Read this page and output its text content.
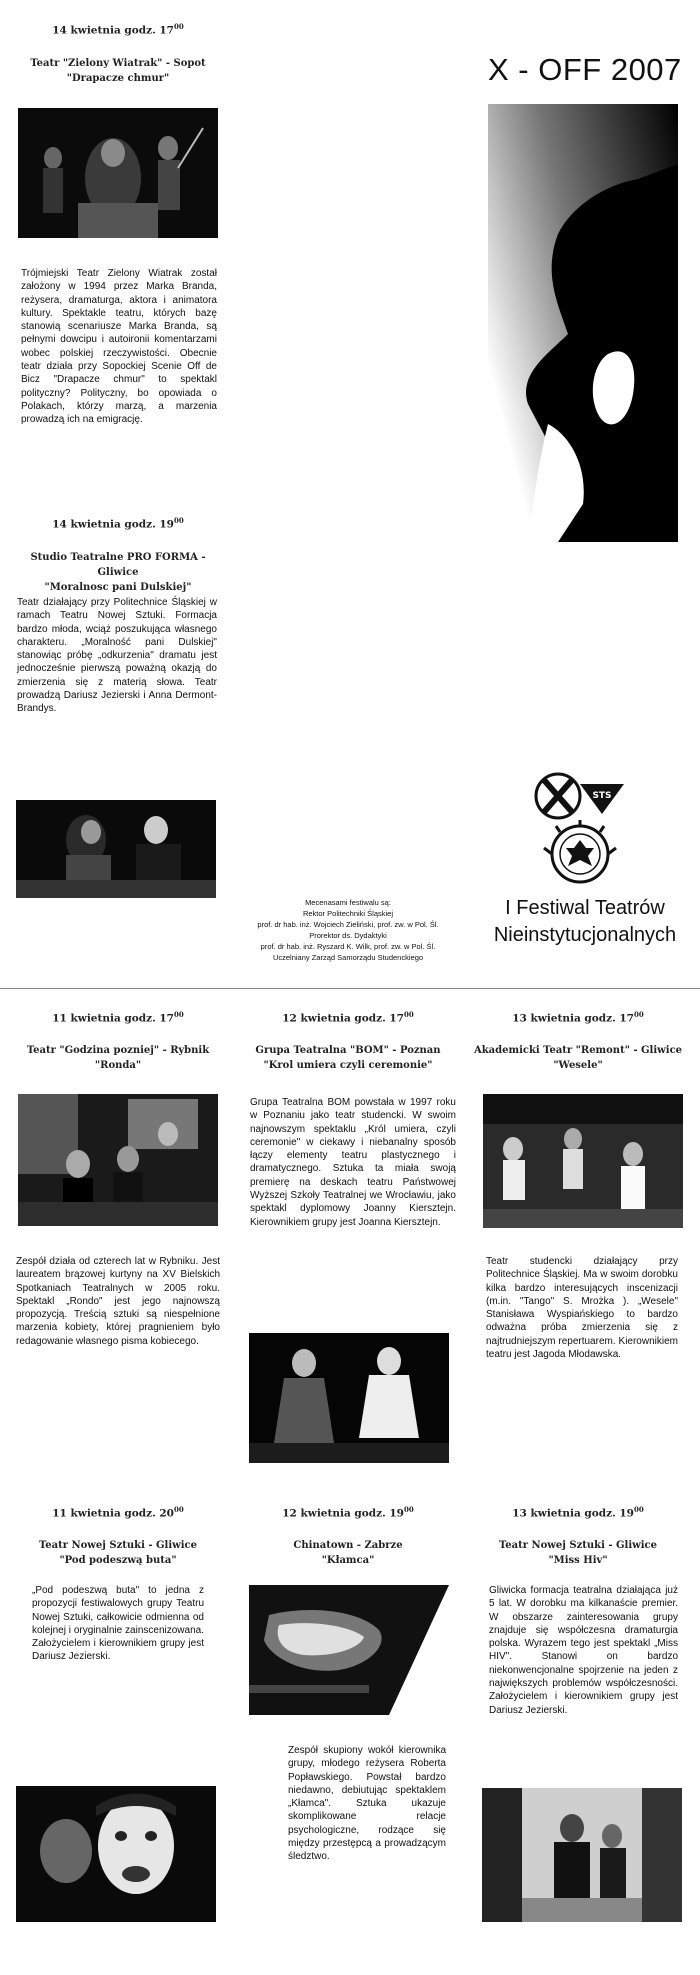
14 kwietnia godz. $17^{00}$
Teatr "Zielony Wiatrak" - Sopot
"Drapacze chmur"
Trójmiejski Teatr Zielony Wiatrak został założony w 1994 przez Marka Branda, reżysera, dramaturga, aktora i animatora kultury. Spektakle teatru, których bazę stanowią scenariusze Marka Branda, są pełnymi dowcipu i autoironii komentarzami wobec polskiej rzeczywistości. Obecnie teatr działa przy Sopockiej Scenie Off de Bicz "Drapacze chmur" to spektakl polityczny? Polityczny, bo opowiada o Polakach, którzy marzą, a marzenia prowadzą ich na emigrację.
14 kwietnia godz. $19^{00}$
Studio Teatralne PRO FORMA - Gliwice
"Moralnosc pani Dulskiej"
Teatr działający przy Politechnice Śląskiej w ramach Teatru Nowej Sztuki. Formacja bardzo młoda, wciąż poszukująca własnego charakteru. „Moralność pani Dulskiej" stanowiąc próbę „odkurzenia" dramatu jest jednocześnie pierwszą poważną okazją do zmierzenia się z materią słowa. Teatr prowadzą Dariusz Jezierski i Anna Dermont-Brandys.
X - OFF 2007
STS
I Festiwal Teatrów
Nieinstytucjonalnych
Mecenasami festiwalu są:
Rektor Politechniki Śląskiej
prof. dr hab. inż. Wojciech Zieliński, prof. zw. w Pol. Śl.
Prorektor ds. Dydaktyki
prof. dr hab. inż. Ryszard K. Wilk, prof. zw. w Pol. Śl.
Uczelniany Zarząd Samorządu Studenckiego
11 kwietnia godz. $17^{00}$
Teatr "Godzina pozniej" - Rybnik
"Ronda"
Zespół działa od czterech lat w Rybniku. Jest laureatem brązowej kurtyny na XV Bielskich Spotkaniach Teatralnych w 2005 roku. Spektakl „Rondo" jest jego najnowszą propozycją. Treścią sztuki są niespełnione marzenia kobiety, której pragnieniem było redagowanie własnego pisma kobiecego.
12 kwietnia godz. $17^{00}$
Grupa Teatralna "BOM" - Poznan
"Krol umiera czyli ceremonie"
Grupa Teatralna BOM powstała w 1997 roku w Poznaniu jako teatr studencki. W swoim najnowszym spektaklu „Król umiera, czyli ceremonie" w ciekawy i niebanalny sposób łączy elementy teatru plastycznego i dramatycznego. Sztuka ta miała swoją premierę na deskach teatru Państwowej Wyższej Szkoły Teatralnej we Wrocławiu, jako spektakl dyplomowy Joanny Kiersztejn. Kierownikiem grupy jest Joanna Kiersztejn.
13 kwietnia godz. $17^{00}$
Akademicki Teatr "Remont" - Gliwice
"Wesele"
Teatr studencki działający przy Politechnice Śląskiej. Ma w swoim dorobku kilka bardzo interesujących inscenizacji (m.in. "Tango" S. Mrożka ). „Wesele" Stanisława Wyspiańskiego to bardzo odważna próba zmierzenia się z najtrudniejszym repertuarem. Kierownikiem teatru jest Jagoda Młodawska.
11 kwietnia godz. $20^{00}$
Teatr Nowej Sztuki - Gliwice
"Pod podeszwą buta"
„Pod podeszwą buta" to jedna z propozycji festiwalowych grupy Teatru Nowej Sztuki, całkowicie odmienna od kolejnej i oryginalnie zainscenizowana. Założycielem i kierownikiem grupy jest Dariusz Jezierski.
12 kwietnia godz. $19^{00}$
Chinatown - Zabrze
"Kłamca"
Zespół skupiony wokół kierownika grupy, młodego reżysera Roberta Popławskiego. Powstał bardzo niedawno, debiutując spektaklem „Kłamca". Sztuka ukazuje skomplikowane relacje psychologiczne, rodzące się między przestępcą a prowadzącym śledztwo.
13 kwietnia godz. $19^{00}$
Teatr Nowej Sztuki - Gliwice
"Miss Hiv"
Gliwicka formacja teatralna działająca już 5 lat. W dorobku ma kilkanaście premier. W obszarze zainteresowania grupy znajduje się współczesna dramaturgia polska. Wyrazem tego jest spektakl „Miss HIV". Stanowi on bardzo niekonwencjonalne spojrzenie na jeden z największych problemów współczesności. Założycielem i kierownikiem grupy jest Dariusz Jezierski.
